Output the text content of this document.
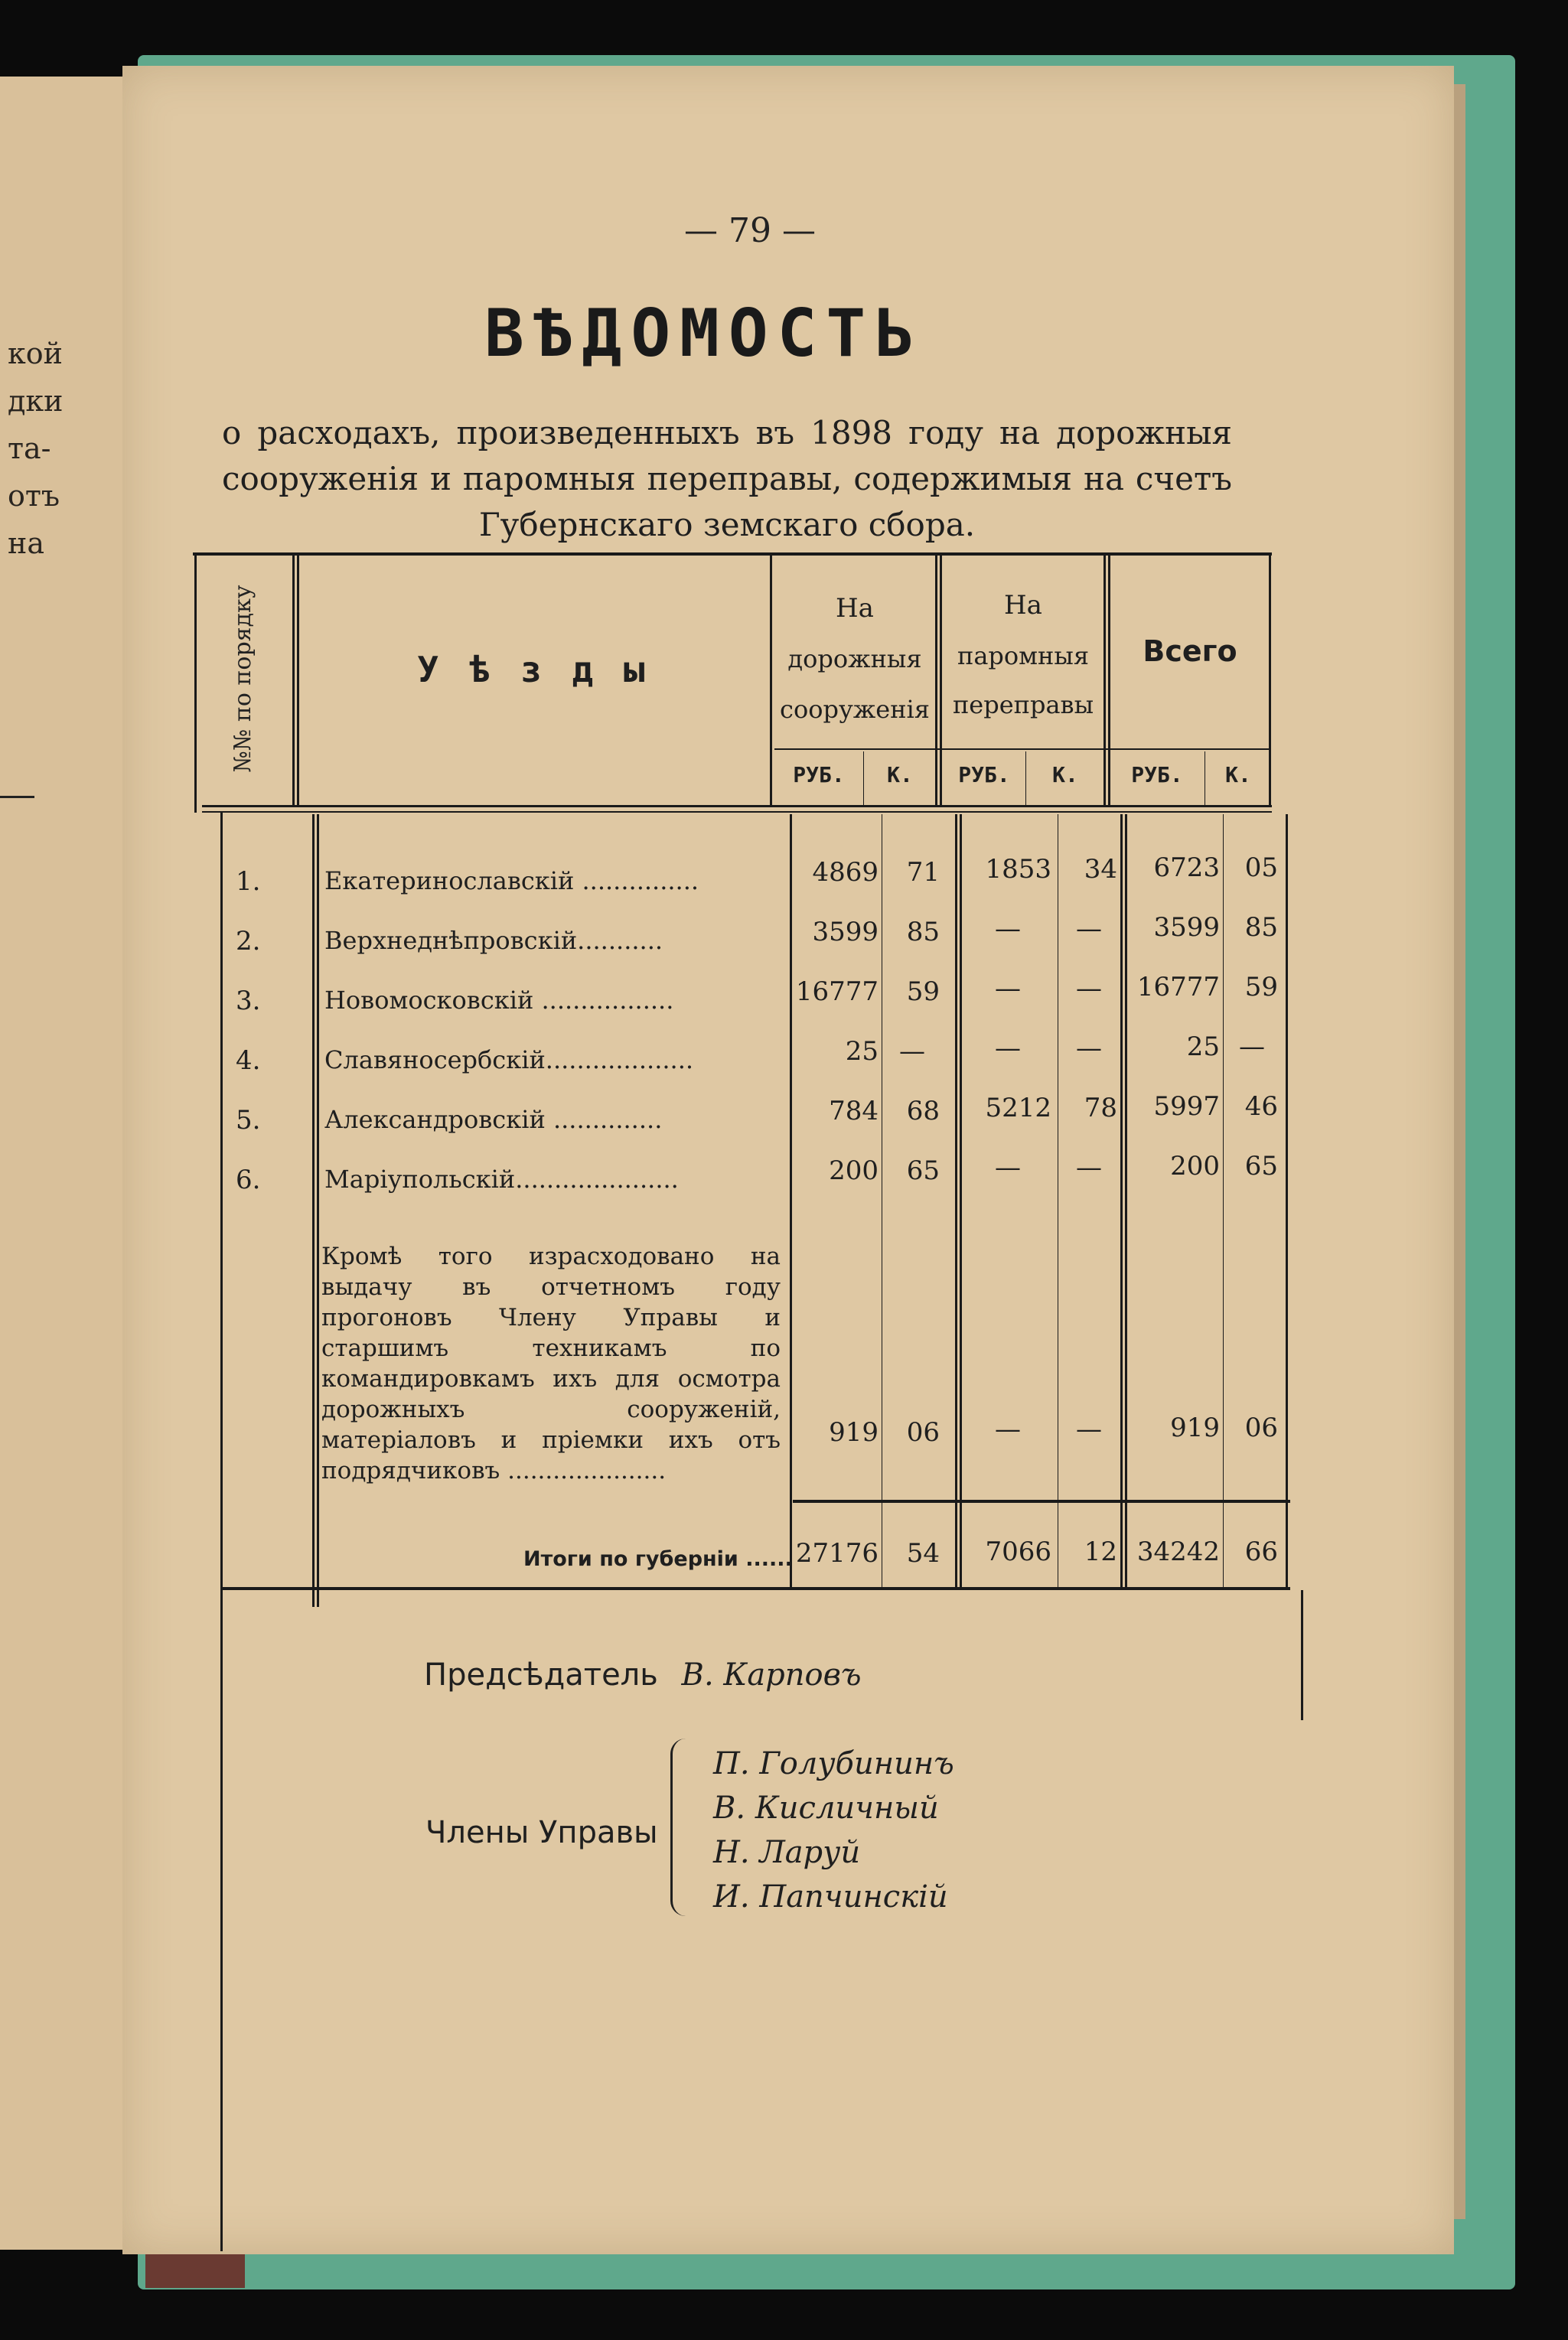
кой
дки
та-
отъ
на
— 79 —
ВѢДОМОСТЬ
о расходахъ, произведенныхъ въ 1898 году на дорожныя сооруженія и паромныя переправы, содержимыя на счетъ Губернскаго земскаго сбора.
№№ по порядку	У ѣ з д ы
На
дорожныя
сооруженія
На
паромныя
переправы
Всего
РУБ.	К.	РУБ.	К.	РУБ.	К.
1.	Екатеринославскій ...............	4869	71	1853	34	6723 05
2.	Верхнеднѣпровскій...........	3599	85	—	—	3599 85
3.	Новомосковскій .................	16777	59	—	—	16777 59
4.	Славяносербскій...................	25 —	—	—	25 —
5.	Александровскій ..............	784	68	5212	78	5997 46
6.	Маріупольскій.....................	200	65	—	—	200 65
Кромѣ того израсходовано на выдачу въ отчетномъ году прогоновъ Члену Управы и старшимъ техникамъ по командировкамъ ихъ для осмотра дорожныхъ сооруженій, матеріаловъ и пріемки ихъ отъ подрядчиковъ .....................
919	06	—	—	919 06
Итоги по губерніи ...... 27176	54	7066	12 34242 66
Предсѣдатель В. Карповъ
Члены Управы
П. Голубининъ
В. Кисличный
Н. Ларуй
И. Папчинскій
